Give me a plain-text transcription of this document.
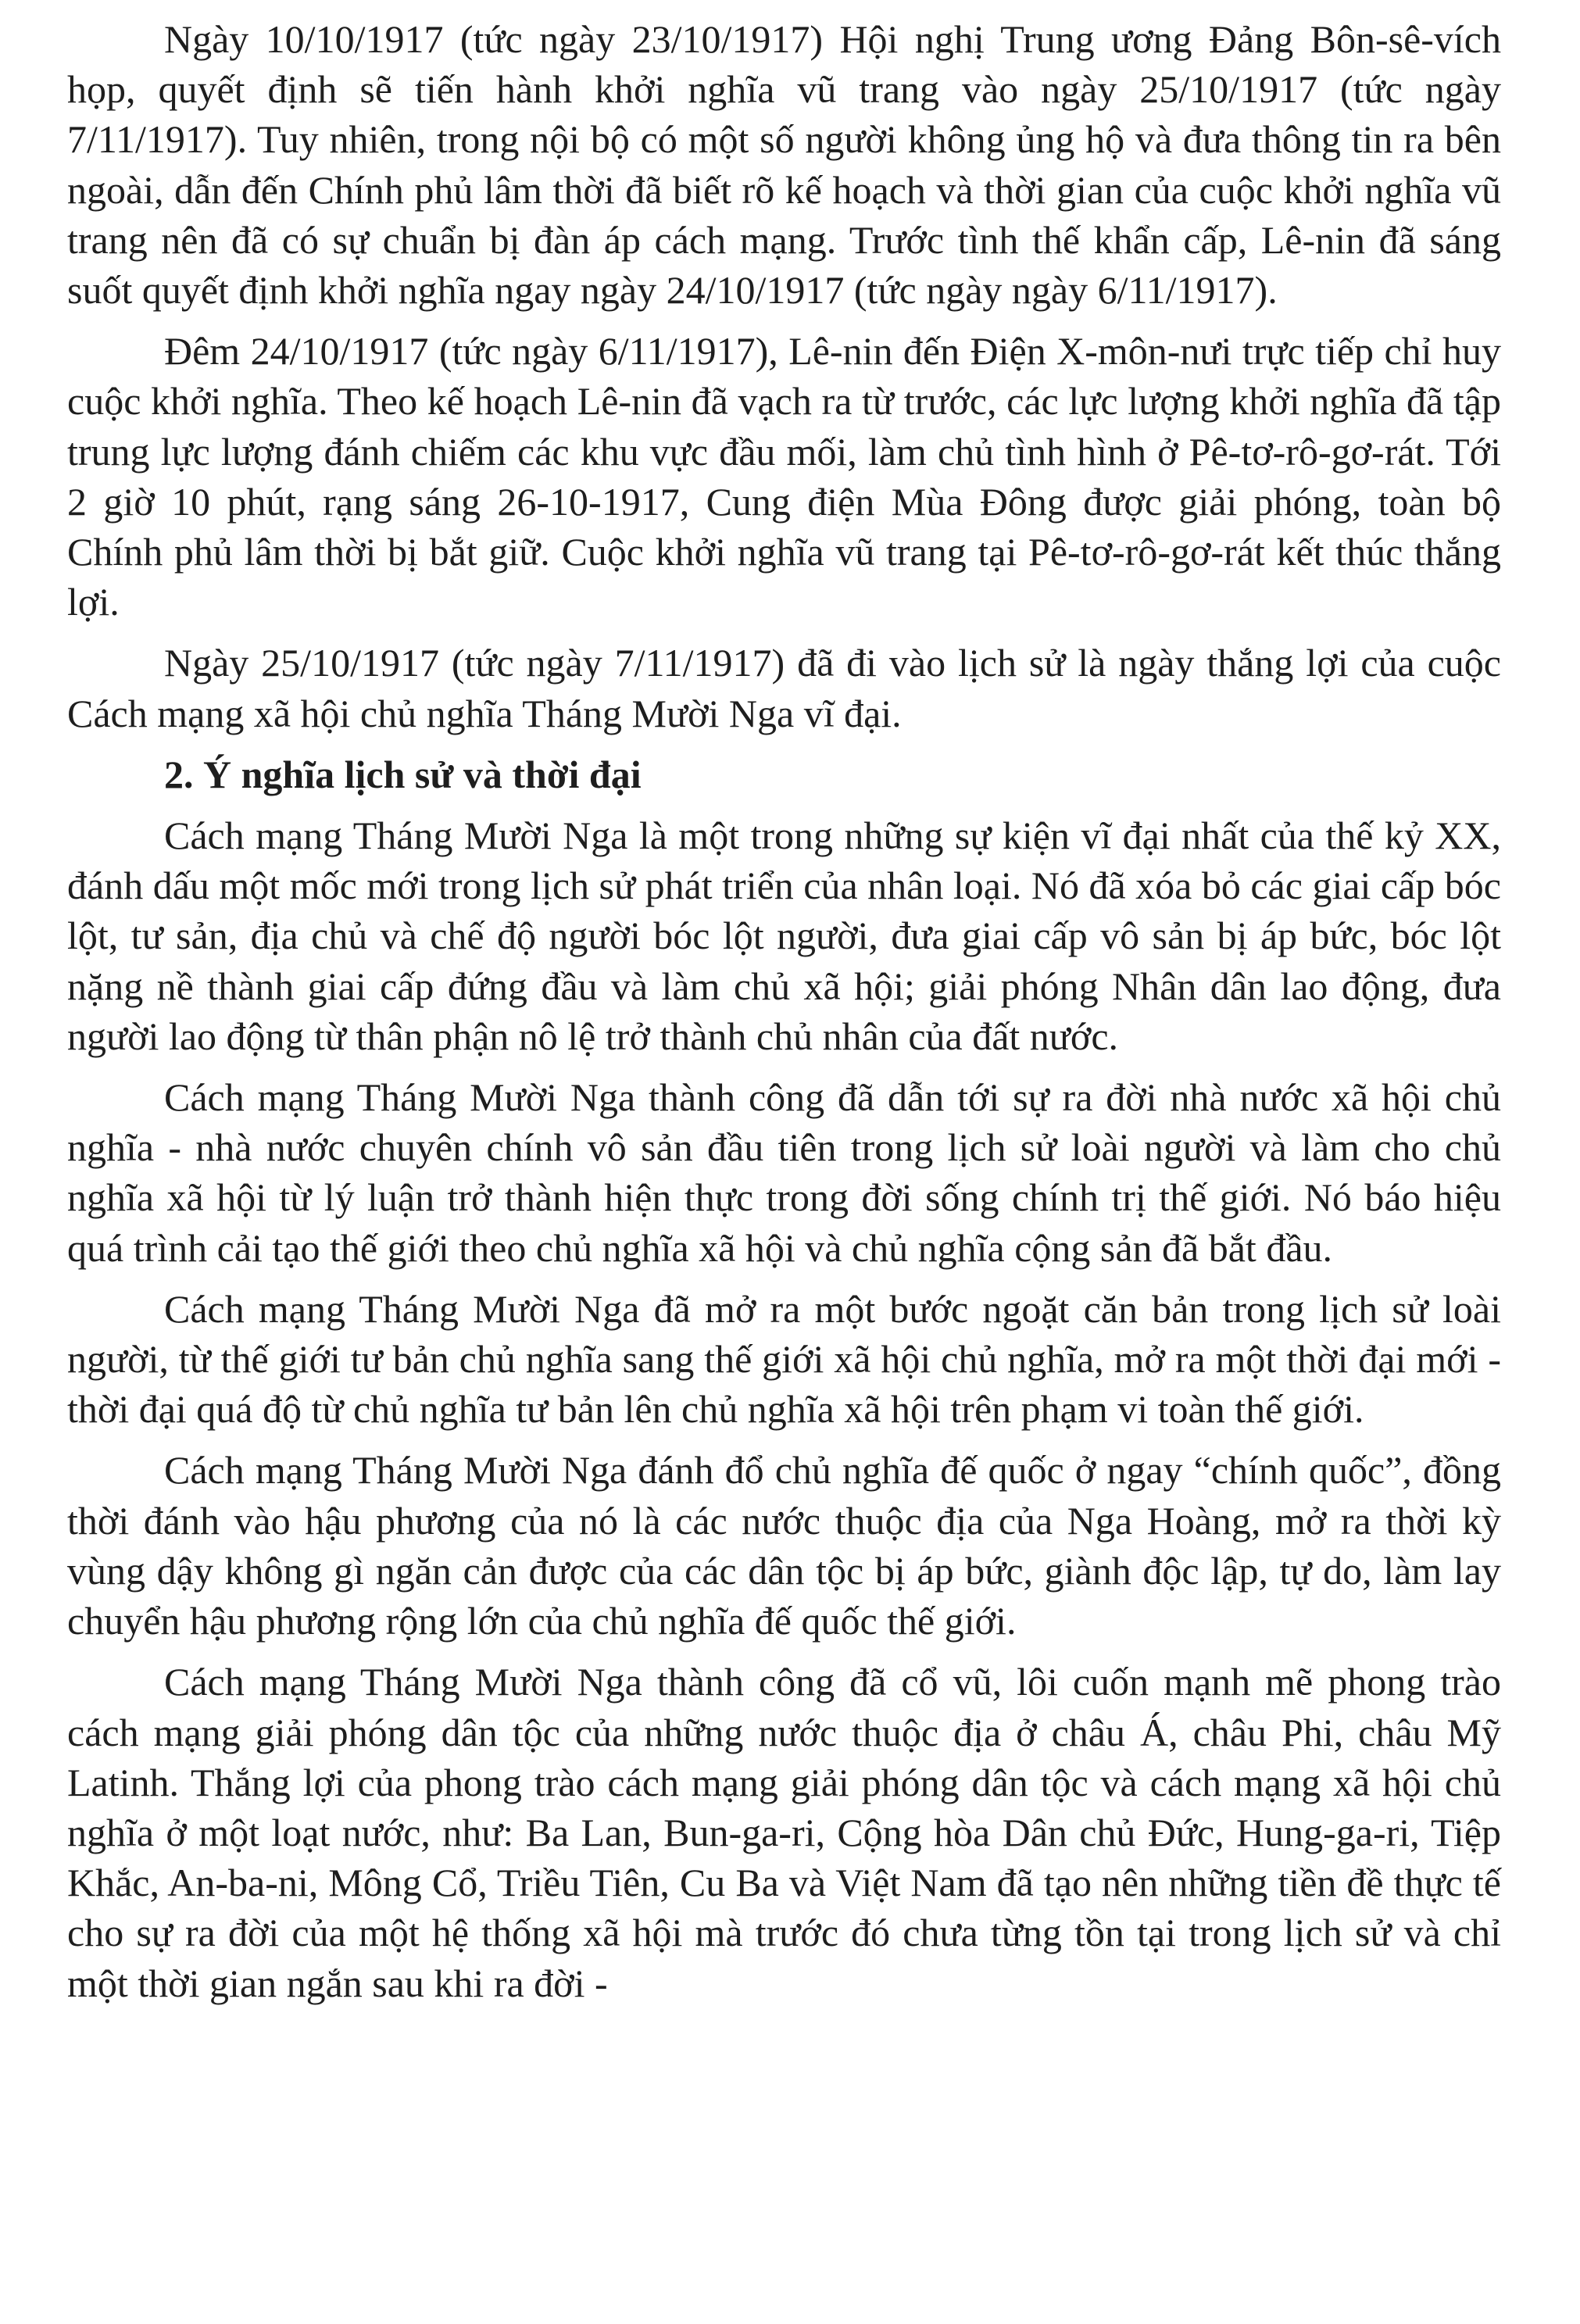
Ngày 10/10/1917 (tức ngày 23/10/1917) Hội nghị Trung ương Đảng Bôn-sê-vích họp, quyết định sẽ tiến hành khởi nghĩa vũ trang vào ngày 25/10/1917 (tức ngày 7/11/1917). Tuy nhiên, trong nội bộ có một số người không ủng hộ và đưa thông tin ra bên ngoài, dẫn đến Chính phủ lâm thời đã biết rõ kế hoạch và thời gian của cuộc khởi nghĩa vũ trang nên đã có sự chuẩn bị đàn áp cách mạng. Trước tình thế khẩn cấp, Lê-nin đã sáng suốt quyết định khởi nghĩa ngay ngày 24/10/1917 (tức ngày ngày 6/11/1917).

Đêm 24/10/1917 (tức ngày 6/11/1917), Lê-nin đến Điện X-môn-nưi trực tiếp chỉ huy cuộc khởi nghĩa. Theo kế hoạch Lê-nin đã vạch ra từ trước, các lực lượng khởi nghĩa đã tập trung lực lượng đánh chiếm các khu vực đầu mối, làm chủ tình hình ở Pê-tơ-rô-gơ-rát. Tới 2 giờ 10 phút, rạng sáng 26-10-1917, Cung điện Mùa Đông được giải phóng, toàn bộ Chính phủ lâm thời bị bắt giữ. Cuộc khởi nghĩa vũ trang tại Pê-tơ-rô-gơ-rát kết thúc thắng lợi.

Ngày 25/10/1917 (tức ngày 7/11/1917) đã đi vào lịch sử là ngày thắng lợi của cuộc Cách mạng xã hội chủ nghĩa Tháng Mười Nga vĩ đại.

2. Ý nghĩa lịch sử và thời đại

Cách mạng Tháng Mười Nga là một trong những sự kiện vĩ đại nhất của thế kỷ XX, đánh dấu một mốc mới trong lịch sử phát triển của nhân loại. Nó đã xóa bỏ các giai cấp bóc lột, tư sản, địa chủ và chế độ người bóc lột người, đưa giai cấp vô sản bị áp bức, bóc lột nặng nề thành giai cấp đứng đầu và làm chủ xã hội; giải phóng Nhân dân lao động, đưa người lao động từ thân phận nô lệ trở thành chủ nhân của đất nước.

Cách mạng Tháng Mười Nga thành công đã dẫn tới sự ra đời nhà nước xã hội chủ nghĩa - nhà nước chuyên chính vô sản đầu tiên trong lịch sử loài người và làm cho chủ nghĩa xã hội từ lý luận trở thành hiện thực trong đời sống chính trị thế giới. Nó báo hiệu quá trình cải tạo thế giới theo chủ nghĩa xã hội và chủ nghĩa cộng sản đã bắt đầu.

Cách mạng Tháng Mười Nga đã mở ra một bước ngoặt căn bản trong lịch sử loài người, từ thế giới tư bản chủ nghĩa sang thế giới xã hội chủ nghĩa, mở ra một thời đại mới - thời đại quá độ từ chủ nghĩa tư bản lên chủ nghĩa xã hội trên phạm vi toàn thế giới.

Cách mạng Tháng Mười Nga đánh đổ chủ nghĩa đế quốc ở ngay “chính quốc”, đồng thời đánh vào hậu phương của nó là các nước thuộc địa của Nga Hoàng, mở ra thời kỳ vùng dậy không gì ngăn cản được của các dân tộc bị áp bức, giành độc lập, tự do, làm lay chuyển hậu phương rộng lớn của chủ nghĩa đế quốc thế giới.

Cách mạng Tháng Mười Nga thành công đã cổ vũ, lôi cuốn mạnh mẽ phong trào cách mạng giải phóng dân tộc của những nước thuộc địa ở châu Á, châu Phi, châu Mỹ Latinh. Thắng lợi của phong trào cách mạng giải phóng dân tộc và cách mạng xã hội chủ nghĩa ở một loạt nước, như: Ba Lan, Bun-ga-ri, Cộng hòa Dân chủ Đức, Hung-ga-ri, Tiệp Khắc, An-ba-ni, Mông Cổ, Triều Tiên, Cu Ba và Việt Nam đã tạo nên những tiền đề thực tế cho sự ra đời của một hệ thống xã hội mà trước đó chưa từng tồn tại trong lịch sử và chỉ một thời gian ngắn sau khi ra đời -
